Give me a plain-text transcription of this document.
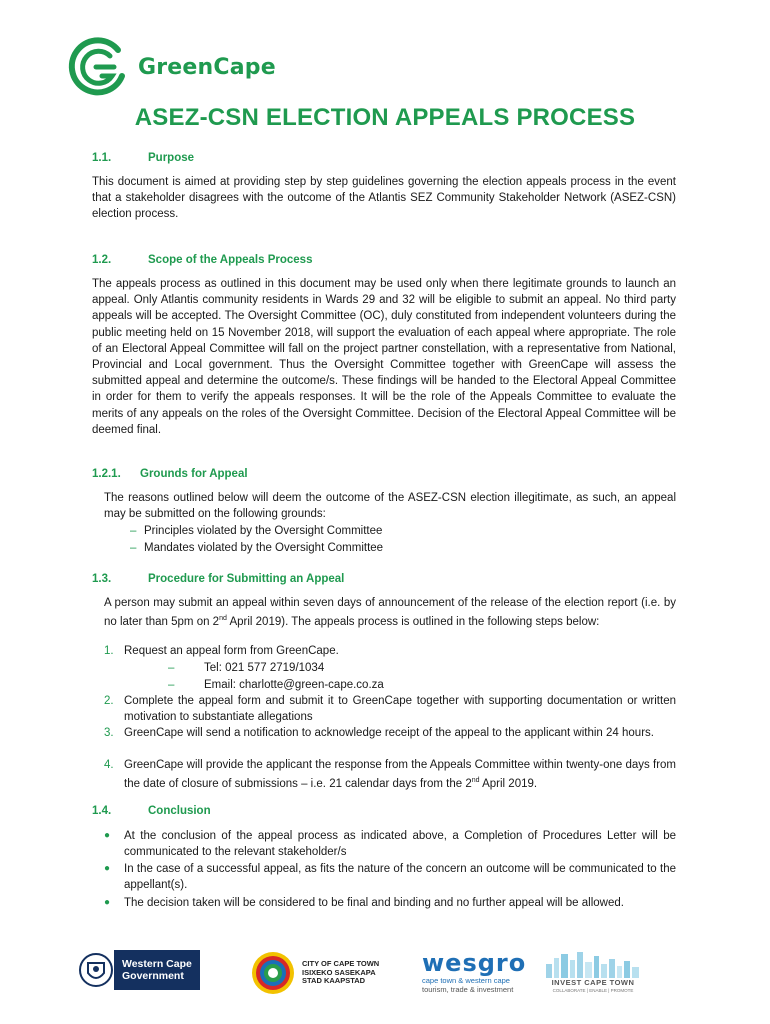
GreenCape
ASEZ-CSN ELECTION APPEALS PROCESS
1.1.	Purpose

This document is aimed at providing step by step guidelines governing the election appeals process in the event that a stakeholder disagrees with the outcome of the Atlantis SEZ Community Stakeholder Network (ASEZ-CSN) election process.

1.2.	Scope of the Appeals Process

The appeals process as outlined in this document may be used only when there legitimate grounds to launch an appeal. Only Atlantis community residents in Wards 29 and 32 will be eligible to submit an appeal. No third party appeals will be accepted. The Oversight Committee (OC), duly constituted from independent volunteers during the public meeting held on 15 November 2018, will support the evaluation of each appeal where appropriate. The role of an Electoral Appeal Committee will fall on the project partner constellation, with a representative from National, Provincial and Local government. Thus the Oversight Committee together with GreenCape will assess the submitted appeal and determine the outcome/s. These findings will be handed to the Electoral Appeal Committee in order for them to verify the appeals responses. It will be the role of the Appeals Committee to evaluate the merits of any appeals on the roles of the Oversight Committee. Decision of the Electoral Appeal Committee will be deemed final.

1.2.1. Grounds for Appeal

The reasons outlined below will deem the outcome of the ASEZ-CSN election illegitimate, as such, an appeal may be submitted on the following grounds:

– Principles violated by the Oversight Committee
– Mandates violated by the Oversight Committee
1.3.	Procedure for Submitting an Appeal

A person may submit an appeal within seven days of announcement of the release of the election report (i.e. by no later than 5pm on 2nd April 2019). The appeals process is outlined in the following steps below:

1. Request an appeal form from GreenCape.
–	Tel: 021 577 2719/1034
–	Email: charlotte@green-cape.co.za
2. Complete the appeal form and submit it to GreenCape together with supporting documentation or written motivation to substantiate allegations
3. GreenCape will send a notification to acknowledge receipt of the appeal to the applicant within 24 hours.
4. GreenCape will provide the applicant the response from the Appeals Committee within twenty-one days from the date of closure of submissions – i.e. 21 calendar days from the 2nd April 2019.
1.4.	Conclusion
● At the conclusion of the appeal process as indicated above, a Completion of Procedures Letter will be communicated to the relevant stakeholder/s
● In the case of a successful appeal, as fits the nature of the concern an outcome will be communicated to the appellant(s).
● The decision taken will be considered to be final and binding and no further appeal will be allowed.
Western Cape
Government
CITY OF CAPE TOWN
ISIXEKO SASEKAPA
STAD KAAPSTAD
wesgro
cape town & western cape
tourism, trade & investment
INVEST CAPE TOWN
COLLABORATE | ENABLE | PROMOTE
